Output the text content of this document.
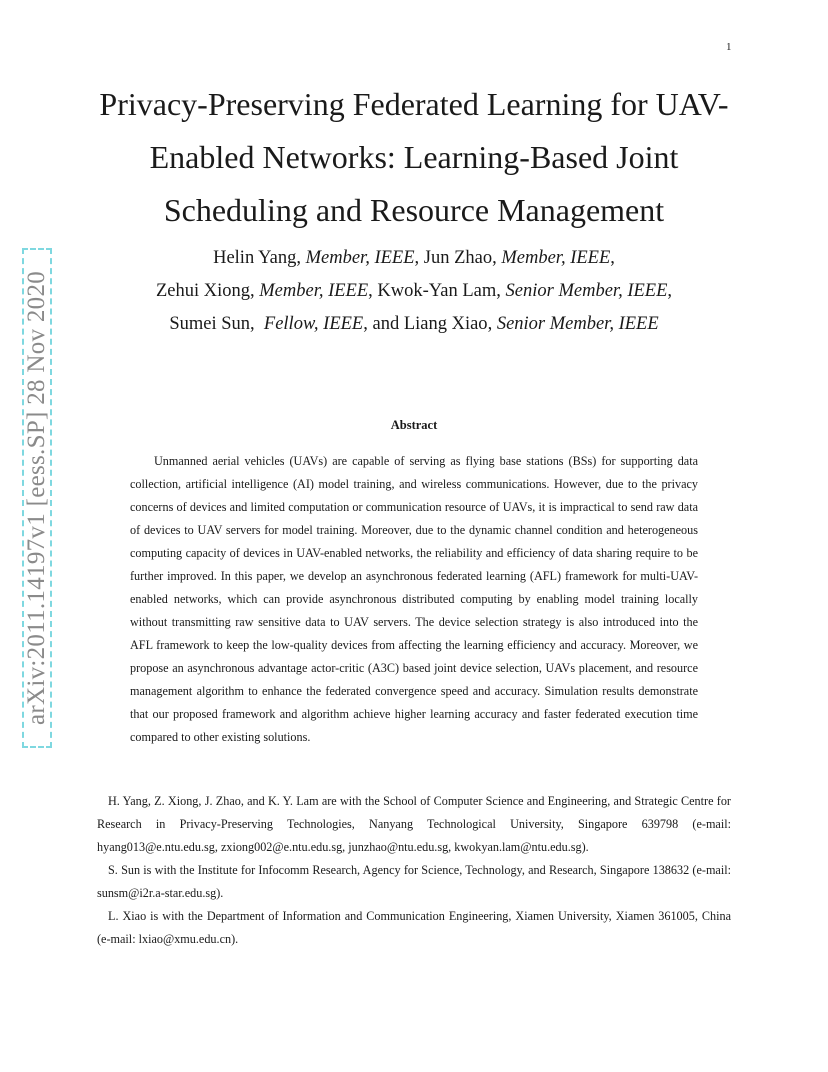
1
arXiv:2011.14197v1 [eess.SP] 28 Nov 2020
Privacy-Preserving Federated Learning for UAV-Enabled Networks: Learning-Based Joint Scheduling and Resource Management
Helin Yang, Member, IEEE, Jun Zhao, Member, IEEE,
Zehui Xiong, Member, IEEE, Kwok-Yan Lam, Senior Member, IEEE,
Sumei Sun,  Fellow, IEEE, and Liang Xiao, Senior Member, IEEE
Abstract

Unmanned aerial vehicles (UAVs) are capable of serving as flying base stations (BSs) for supporting data collection, artificial intelligence (AI) model training, and wireless communications. However, due to the privacy concerns of devices and limited computation or communication resource of UAVs, it is impractical to send raw data of devices to UAV servers for model training. Moreover, due to the dynamic channel condition and heterogeneous computing capacity of devices in UAV-enabled networks, the reliability and efficiency of data sharing require to be further improved. In this paper, we develop an asynchronous federated learning (AFL) framework for multi-UAV-enabled networks, which can provide asynchronous distributed computing by enabling model training locally without transmitting raw sensitive data to UAV servers. The device selection strategy is also introduced into the AFL framework to keep the low-quality devices from affecting the learning efficiency and accuracy. Moreover, we propose an asynchronous advantage actor-critic (A3C) based joint device selection, UAVs placement, and resource management algorithm to enhance the federated convergence speed and accuracy. Simulation results demonstrate that our proposed framework and algorithm achieve higher learning accuracy and faster federated execution time compared to other existing solutions.

H. Yang, Z. Xiong, J. Zhao, and K. Y. Lam are with the School of Computer Science and Engineering, and Strategic Centre for Research in Privacy-Preserving Technologies, Nanyang Technological University, Singapore 639798 (e-mail: hyang013@e.ntu.edu.sg, zxiong002@e.ntu.edu.sg, junzhao@ntu.edu.sg, kwokyan.lam@ntu.edu.sg).

S. Sun is with the Institute for Infocomm Research, Agency for Science, Technology, and Research, Singapore 138632 (e-mail: sunsm@i2r.a-star.edu.sg).

L. Xiao is with the Department of Information and Communication Engineering, Xiamen University, Xiamen 361005, China (e-mail: lxiao@xmu.edu.cn).
